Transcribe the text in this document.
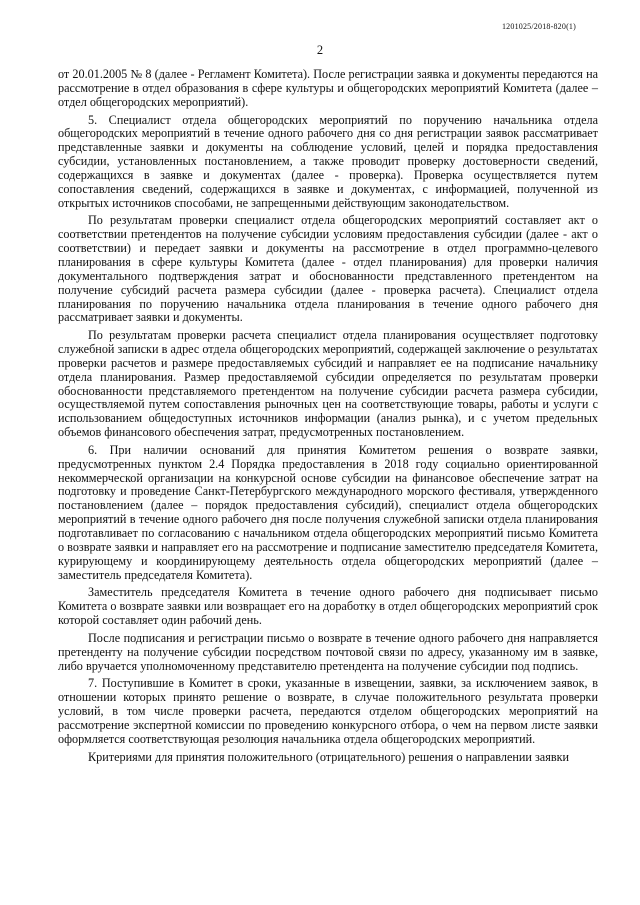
1201025/2018-820(1)
2

от 20.01.2005 № 8 (далее - Регламент Комитета). После регистрации заявка и документы передаются на рассмотрение в отдел образования в сфере культуры и общегородских мероприятий Комитета (далее – отдел общегородских мероприятий).

5. Специалист отдела общегородских мероприятий по поручению начальника отдела общегородских мероприятий в течение одного рабочего дня со дня регистрации заявок рассматривает представленные заявки и документы на соблюдение условий, целей и порядка предоставления субсидии, установленных постановлением, а также проводит проверку достоверности сведений, содержащихся в заявке и документах (далее - проверка). Проверка осуществляется путем сопоставления сведений, содержащихся в заявке и документах, с информацией, полученной из открытых источников способами, не запрещенными действующим законодательством.

По результатам проверки специалист отдела общегородских мероприятий составляет акт о соответствии претендентов на получение субсидии условиям предоставления субсидии (далее - акт о соответствии) и передает заявки и документы на рассмотрение в отдел программно-целевого планирования в сфере культуры Комитета (далее - отдел планирования) для проверки наличия документального подтверждения затрат и обоснованности представленного претендентом на получение субсидий расчета размера субсидии (далее - проверка расчета). Специалист отдела планирования по поручению начальника отдела планирования в течение одного рабочего дня рассматривает заявки и документы.

По результатам проверки расчета специалист отдела планирования осуществляет подготовку служебной записки в адрес отдела общегородских мероприятий, содержащей заключение о результатах проверки расчетов и размере предоставляемых субсидий и направляет ее на подписание начальнику отдела планирования. Размер предоставляемой субсидии определяется по результатам проверки обоснованности представляемого претендентом на получение субсидии расчета размера субсидии, осуществляемой путем сопоставления рыночных цен на соответствующие товары, работы и услуги с использованием общедоступных источников информации (анализ рынка), и с учетом предельных объемов финансового обеспечения затрат, предусмотренных постановлением.

6. При наличии оснований для принятия Комитетом решения о возврате заявки, предусмотренных пунктом 2.4 Порядка предоставления в 2018 году социально ориентированной некоммерческой организации на конкурсной основе субсидии на финансовое обеспечение затрат на подготовку и проведение Санкт-Петербургского международного морского фестиваля, утвержденного постановлением (далее – порядок предоставления субсидий), специалист отдела общегородских мероприятий в течение одного рабочего дня после получения служебной записки отдела планирования подготавливает по согласованию с начальником отдела общегородских мероприятий письмо Комитета о возврате заявки и направляет его на рассмотрение и подписание заместителю председателя Комитета, курирующему и координирующему деятельность отдела общегородских мероприятий (далее – заместитель председателя Комитета).

Заместитель председателя Комитета в течение одного рабочего дня подписывает письмо Комитета о возврате заявки или возвращает его на доработку в отдел общегородских мероприятий срок которой составляет один рабочий день.

После подписания и регистрации письмо о возврате в течение одного рабочего дня направляется претенденту на получение субсидии посредством почтовой связи по адресу, указанному им в заявке, либо вручается уполномоченному представителю претендента на получение субсидии под подпись.

7. Поступившие в Комитет в сроки, указанные в извещении, заявки, за исключением заявок, в отношении которых принято решение о возврате, в случае положительного результата проверки условий, в том числе проверки расчета, передаются отделом общегородских мероприятий на рассмотрение экспертной комиссии по проведению конкурсного отбора, о чем на первом листе заявки оформляется соответствующая резолюция начальника отдела общегородских мероприятий.

Критериями для принятия положительного (отрицательного) решения о направлении заявки
